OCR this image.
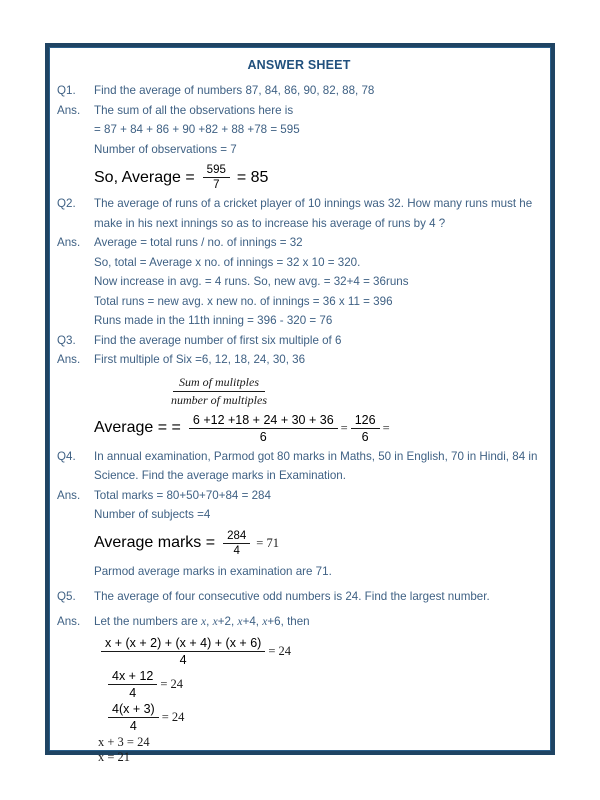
ANSWER SHEET
Q1.	Find the average of numbers 87, 84, 86, 90, 82, 88, 78
Ans.	The sum of all the observations here is
= 87 + 84 + 86 + 90 +82 + 88 +78 = 595
Number of observations = 7
So, Average = $\frac{595}{7} = 85$
Q2.	The average of runs of a cricket player of 10 innings was 32. How many runs must he make in his next innings so as to increase his average of runs by 4 ?
Ans.	Average = total runs / no. of innings = 32
So, total = Average x no. of innings = 32 x 10 = 320.
Now increase in avg. = 4 runs. So, new avg. = 32+4 = 36runs
Total runs = new avg. x new no. of innings = 36 x 11 = 396
Runs made in the 11th inning = 396 - 320 = 76
Q3.	Find the average number of first six multiple of 6
Ans.	First multiple of Six =6, 12, 18, 24, 30, 36
$\frac{\text{Sum of mulitples}}{\text{number of multiples}}$
Average = = $\frac{6 +12 +18 + 24 + 30 + 36}{6} = \frac{126}{6}$ =
Q4.	In annual examination, Parmod got 80 marks in Maths, 50 in English, 70 in Hindi, 84 in Science. Find the average marks in Examination.
Ans.	Total marks = 80+50+70+84 = 284
Number of subjects =4
Average marks = $\frac{284}{4} = 71$
Parmod average marks in examination are 71.
Q5.	The average of four consecutive odd numbers is 24. Find the largest number.
Ans.	Let the numbers are x, x+2, x+4, x+6, then
$\frac{x + (x + 2) + (x + 4) + (x + 6)}{4} = 24$
$\frac{4x + 12}{4} = 24$
$\frac{4(x + 3)}{4} = 24$
x + 3 = 24
x = 21
